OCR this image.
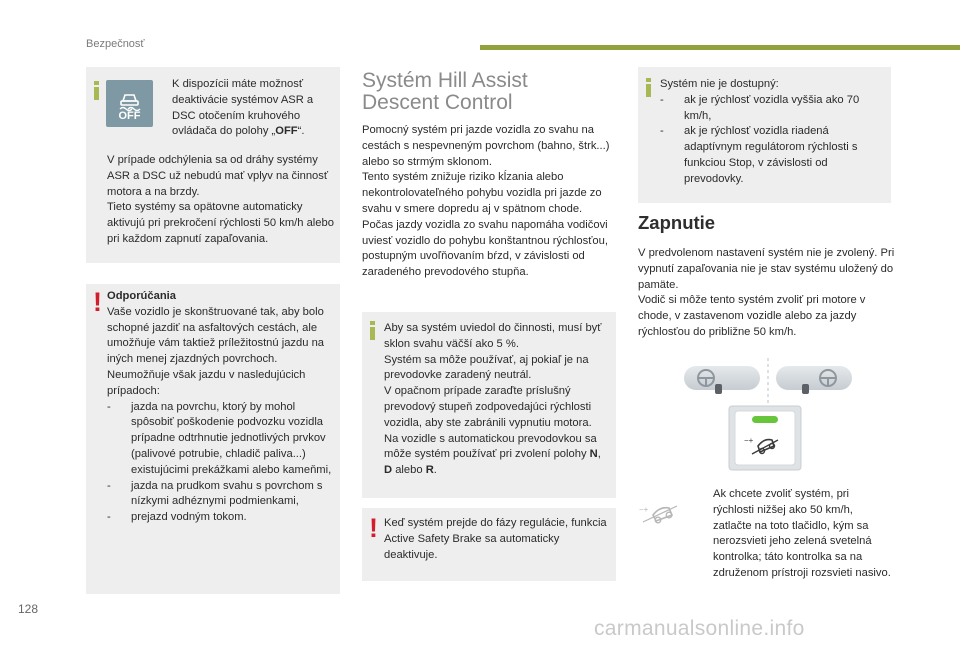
Bezpečnosť
OFF
K dispozícii máte možnosť deaktivácie systémov ASR a DSC otočením kruhového ovládača do polohy „OFF“.

V prípade odchýlenia sa od dráhy systémy ASR a DSC už nebudú mať vplyv na činnosť motora a na brzdy.

Tieto systémy sa opätovne automaticky aktivujú pri prekročení rýchlosti 50 km/h alebo pri každom zapnutí zapaľovania.

! Odporúčania

Vaše vozidlo je skonštruované tak, aby bolo schopné jazdiť na asfaltových cestách, ale umožňuje vám taktiež príležitostnú jazdu na iných menej zjazdných povrchoch.

Neumožňuje však jazdu v nasledujúcich prípadoch:

- jazda na povrchu, ktorý by mohol spôsobiť poškodenie podvozku vozidla prípadne odtrhnutie jednotlivých prvkov (palivové potrubie, chladič paliva...) existujúcimi prekážkami alebo kameňmi,
- jazda na prudkom svahu s povrchom s nízkymi adhéznymi podmienkami,
- prejazd vodným tokom.
Systém Hill Assist
Descent Control

Pomocný systém pri jazde vozidla zo svahu na cestách s nespevneným povrchom (bahno, štrk...) alebo so strmým sklonom.

Tento systém znižuje riziko kĺzania alebo nekontrolovateľného pohybu vozidla pri jazde zo svahu v smere dopredu aj v spätnom chode.

Počas jazdy vozidla zo svahu napomáha vodičovi uviesť vozidlo do pohybu konštantnou rýchlosťou, postupným uvoľňovaním bŕzd, v závislosti od zaradeného prevodového stupňa.

Aby sa systém uviedol do činnosti, musí byť sklon svahu väčší ako 5 %.

Systém sa môže používať, aj pokiaľ je na prevodovke zaradený neutrál.

V opačnom prípade zaraďte príslušný prevodový stupeň zodpovedajúci rýchlosti vozidla, aby ste zabránili vypnutiu motora.

Na vozidle s automatickou prevodovkou sa môže systém používať pri zvolení polohy N, D alebo R.

! Keď systém prejde do fázy regulácie, funkcia Active Safety Brake sa automaticky deaktivuje.

Systém nie je dostupný:

- ak je rýchlosť vozidla vyššia ako 70 km/h,
- ak je rýchlosť vozidla riadená adaptívnym regulátorom rýchlosti s funkciou Stop, v závislosti od prevodovky.
Zapnutie

V predvolenom nastavení systém nie je zvolený. Pri vypnutí zapaľovania nie je stav systému uložený do pamäte.

Vodič si môže tento systém zvoliť pri motore v chode, v zastavenom vozidle alebo za jazdy rýchlosťou do približne 50 km/h.

−+
−+
Ak chcete zvoliť systém, pri rýchlosti nižšej ako 50 km/h, zatlačte na toto tlačidlo, kým sa nerozsvieti jeho zelená svetelná kontrolka; táto kontrolka sa na združenom prístroji rozsvieti nasivo.
128
carmanualsonline.info
